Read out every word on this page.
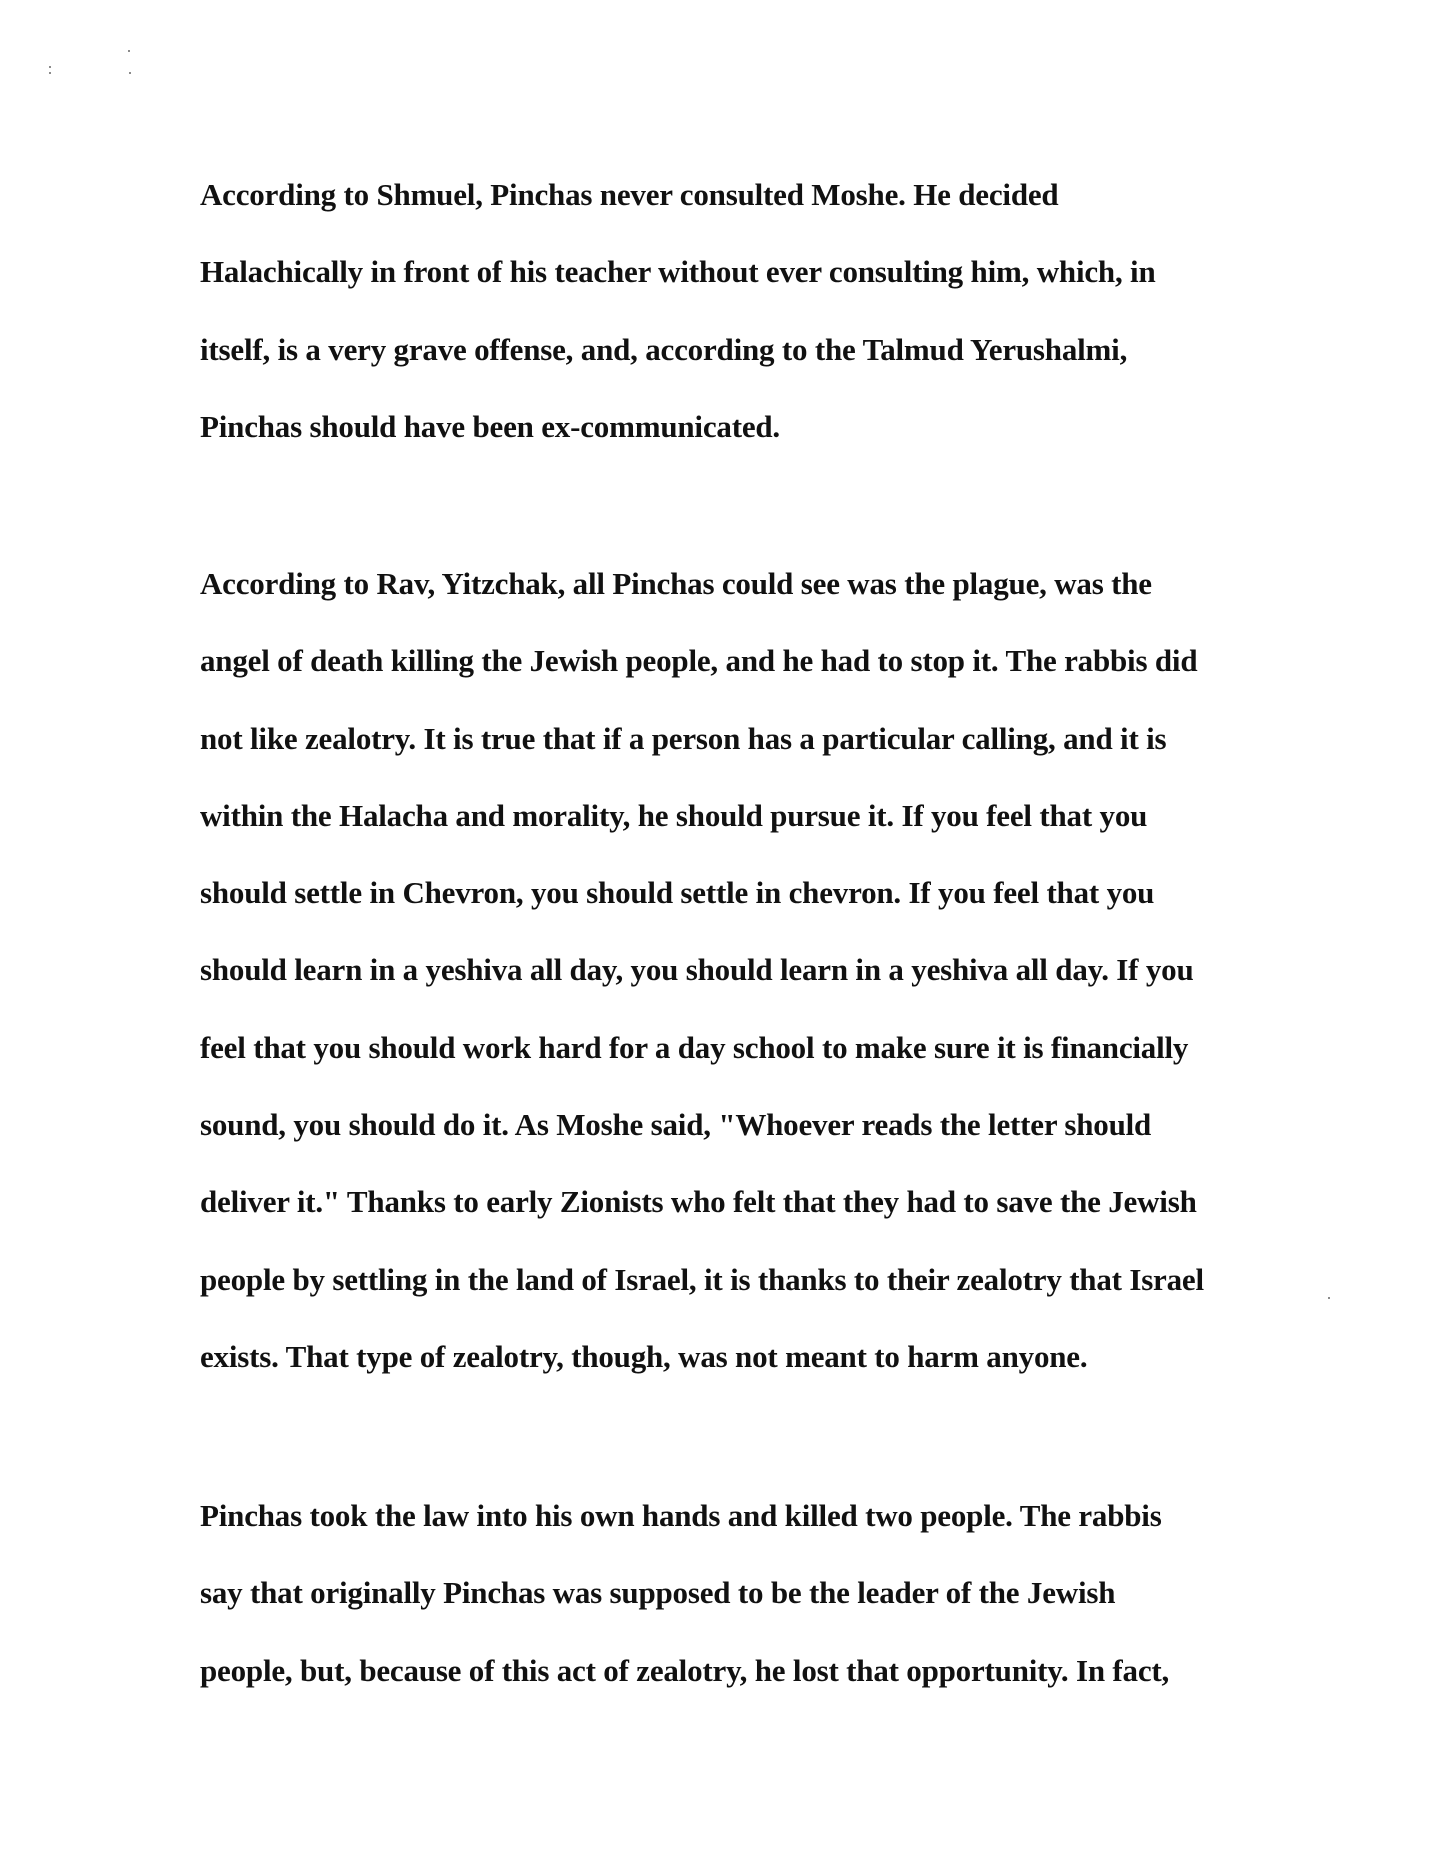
According to Shmuel, Pinchas never consulted Moshe. He decided
Halachically in front of his teacher without ever consulting him, which, in
itself, is a very grave offense, and, according to the Talmud Yerushalmi,
Pinchas should have been ex-communicated.

According to Rav, Yitzchak, all Pinchas could see was the plague, was the
angel of death killing the Jewish people, and he had to stop it. The rabbis did
not like zealotry. It is true that if a person has a particular calling, and it is
within the Halacha and morality, he should pursue it. If you feel that you
should settle in Chevron, you should settle in chevron. If you feel that you
should learn in a yeshiva all day, you should learn in a yeshiva all day. If you
feel that you should work hard for a day school to make sure it is financially
sound, you should do it. As Moshe said, "Whoever reads the letter should
deliver it." Thanks to early Zionists who felt that they had to save the Jewish
people by settling in the land of Israel, it is thanks to their zealotry that Israel
exists. That type of zealotry, though, was not meant to harm anyone.

Pinchas took the law into his own hands and killed two people. The rabbis
say that originally Pinchas was supposed to be the leader of the Jewish
people, but, because of this act of zealotry, he lost that opportunity. In fact,
